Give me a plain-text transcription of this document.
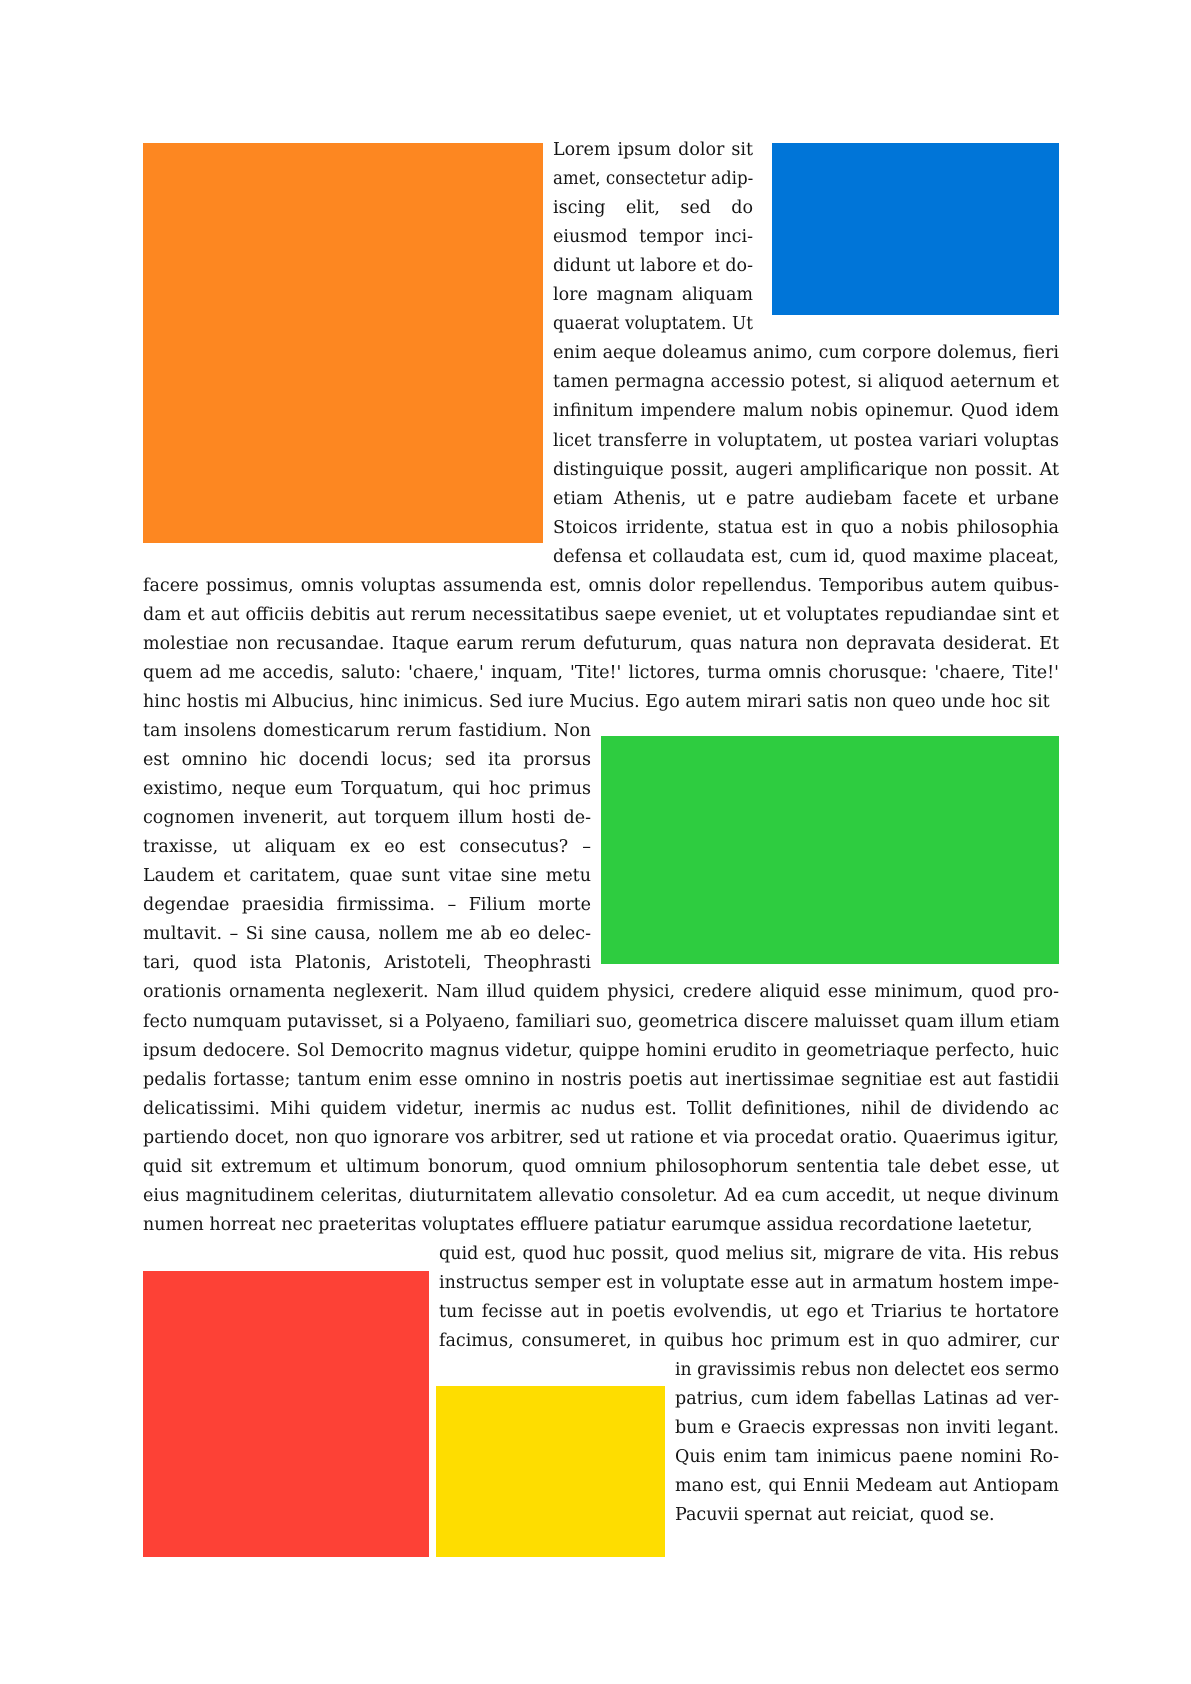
Lorem ipsum dolor sit

amet, consectetur adip-

iscing elit, sed do

eiusmod tempor inci-

didunt ut labore et do-

lore magnam aliquam

quaerat voluptatem. Ut

enim aeque doleamus animo, cum corpore dolemus, fieri

tamen permagna accessio potest, si aliquod aeternum et

infinitum impendere malum nobis opinemur. Quod idem

licet transferre in voluptatem, ut postea variari voluptas

distinguique possit, augeri amplificarique non possit. At

etiam Athenis, ut e patre audiebam facete et urbane

Stoicos irridente, statua est in quo a nobis philosophia

defensa et collaudata est, cum id, quod maxime placeat,

facere possimus, omnis voluptas assumenda est, omnis dolor repellendus. Temporibus autem quibus-

dam et aut officiis debitis aut rerum necessitatibus saepe eveniet, ut et voluptates repudiandae sint et

molestiae non recusandae. Itaque earum rerum defuturum, quas natura non depravata desiderat. Et

quem ad me accedis, saluto: 'chaere,' inquam, 'Tite!' lictores, turma omnis chorusque: 'chaere, Tite!'

hinc hostis mi Albucius, hinc inimicus. Sed iure Mucius. Ego autem mirari satis non queo unde hoc sit

tam insolens domesticarum rerum fastidium. Non

est omnino hic docendi locus; sed ita prorsus

existimo, neque eum Torquatum, qui hoc primus

cognomen invenerit, aut torquem illum hosti de-

traxisse, ut aliquam ex eo est consecutus? –

Laudem et caritatem, quae sunt vitae sine metu

degendae praesidia firmissima. – Filium morte

multavit. – Si sine causa, nollem me ab eo delec-

tari, quod ista Platonis, Aristoteli, Theophrasti

orationis ornamenta neglexerit. Nam illud quidem physici, credere aliquid esse minimum, quod pro-

fecto numquam putavisset, si a Polyaeno, familiari suo, geometrica discere maluisset quam illum etiam

ipsum dedocere. Sol Democrito magnus videtur, quippe homini erudito in geometriaque perfecto, huic

pedalis fortasse; tantum enim esse omnino in nostris poetis aut inertissimae segnitiae est aut fastidii

delicatissimi. Mihi quidem videtur, inermis ac nudus est. Tollit definitiones, nihil de dividendo ac

partiendo docet, non quo ignorare vos arbitrer, sed ut ratione et via procedat oratio. Quaerimus igitur,

quid sit extremum et ultimum bonorum, quod omnium philosophorum sententia tale debet esse, ut

eius magnitudinem celeritas, diuturnitatem allevatio consoletur. Ad ea cum accedit, ut neque divinum

numen horreat nec praeteritas voluptates effluere patiatur earumque assidua recordatione laetetur,

quid est, quod huc possit, quod melius sit, migrare de vita. His rebus

instructus semper est in voluptate esse aut in armatum hostem impe-

tum fecisse aut in poetis evolvendis, ut ego et Triarius te hortatore

facimus, consumeret, in quibus hoc primum est in quo admirer, cur

in gravissimis rebus non delectet eos sermo

patrius, cum idem fabellas Latinas ad ver-

bum e Graecis expressas non inviti legant.

Quis enim tam inimicus paene nomini Ro-

mano est, qui Ennii Medeam aut Antiopam

Pacuvii spernat aut reiciat, quod se.
